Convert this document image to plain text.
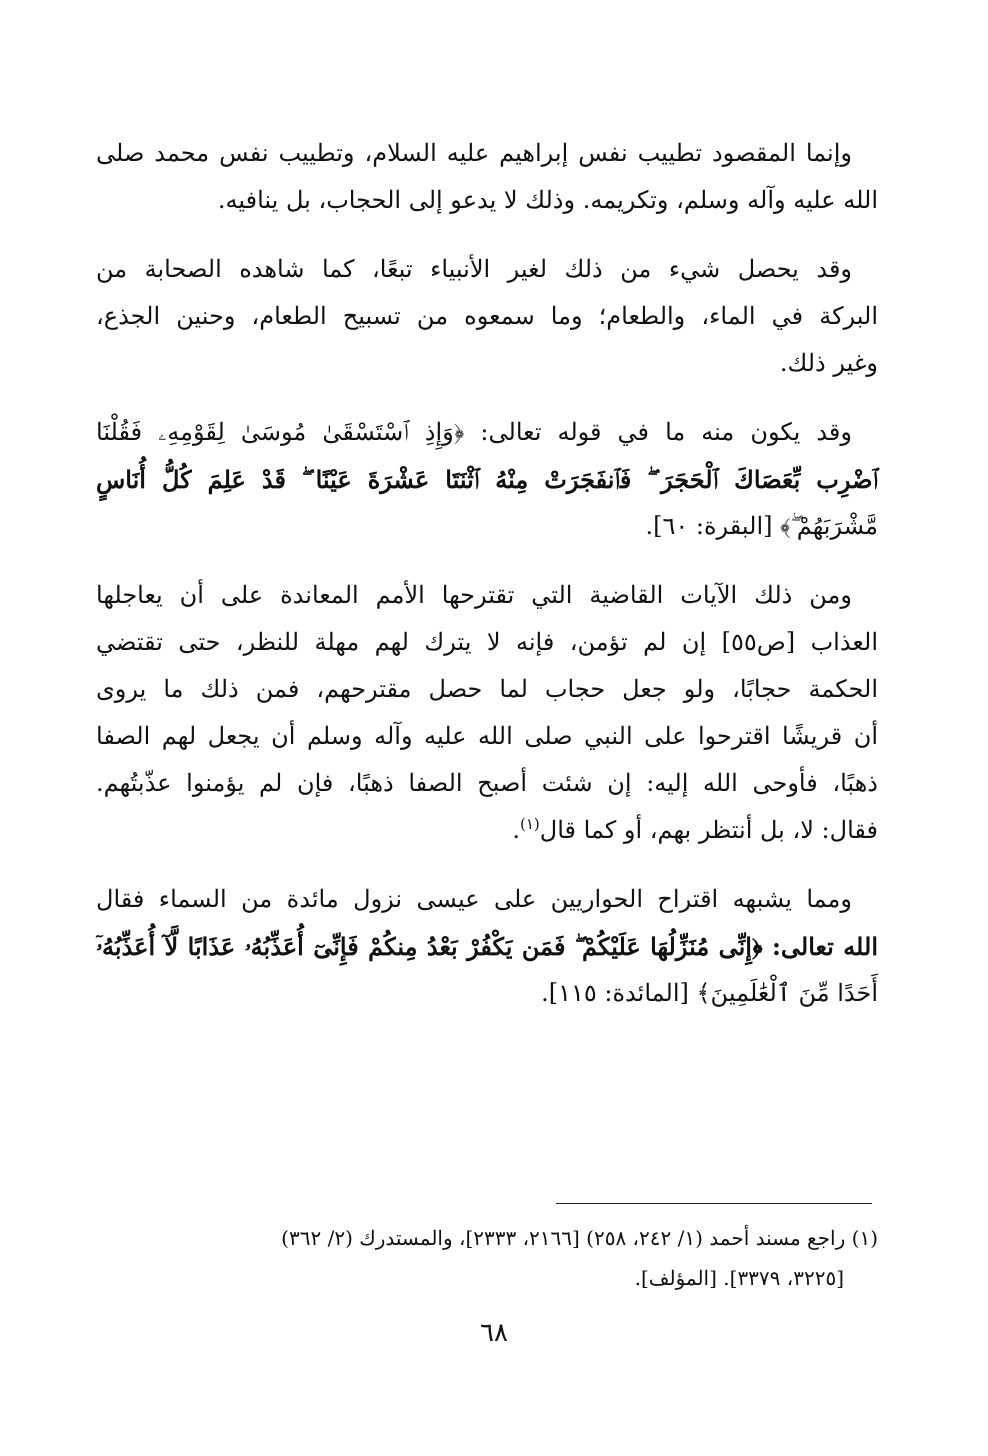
وإنما المقصود تطييب نفس إبراهيم عليه السلام، وتطييب نفس محمد صلى
الله عليه وآله وسلم، وتكريمه. وذلك لا يدعو إلى الحجاب، بل ينافيه.

وقد يحصل شيء من ذلك لغير الأنبياء تبعًا، كما شاهده الصحابة من
البركة في الماء، والطعام؛ وما سمعوه من تسبيح الطعام، وحنين الجذع،
وغير ذلك.

وقد يكون منه ما في قوله تعالى: ﴿وَإِذِ ٱسْتَسْقَىٰ مُوسَىٰ لِقَوْمِهِۦ فَقُلْنَا
ٱضْرِب بِّعَصَاكَ ٱلْحَجَرَ ۖ فَٱنفَجَرَتْ مِنْهُ ٱثْنَتَا عَشْرَةَ عَيْنًا ۖ قَدْ عَلِمَ كُلُّ أُنَاسٍ
مَّشْرَبَهُمْ ۖ﴾ [البقرة: ٦٠].

ومن ذلك الآيات القاضية التي تقترحها الأمم المعاندة على أن يعاجلها
العذاب [ص٥٥] إن لم تؤمن، فإنه لا يترك لهم مهلة للنظر، حتى تقتضي
الحكمة حجابًا، ولو جعل حجاب لما حصل مقترحهم، فمن ذلك ما يروى
أن قريشًا اقترحوا على النبي صلى الله عليه وآله وسلم أن يجعل لهم الصفا
ذهبًا، فأوحى الله إليه: إن شئت أصبح الصفا ذهبًا، فإن لم يؤمنوا عذّبتُهم.
فقال: لا، بل أنتظر بهم، أو كما قال$^{(١)}$.

ومما يشبهه اقتراح الحواريين على عيسى نزول مائدة من السماء فقال
الله تعالى: ﴿إِنِّى مُنَزِّلُهَا عَلَيْكُمْ ۖ فَمَن يَكْفُرْ بَعْدُ مِنكُمْ فَإِنِّىٓ أُعَذِّبُهُۥ عَذَابًا لَّآ أُعَذِّبُهُۥٓ
أَحَدًا مِّنَ ٱلْعَٰلَمِينَ﴾ [المائدة: ١١٥].

(١) راجع مسند أحمد (١/ ٢٤٢، ٢٥٨) [٢١٦٦، ٢٣٣٣]، والمستدرك (٢/ ٣٦٢)
[٣٢٢٥، ٣٣٧٩]. [المؤلف].
٦٨
